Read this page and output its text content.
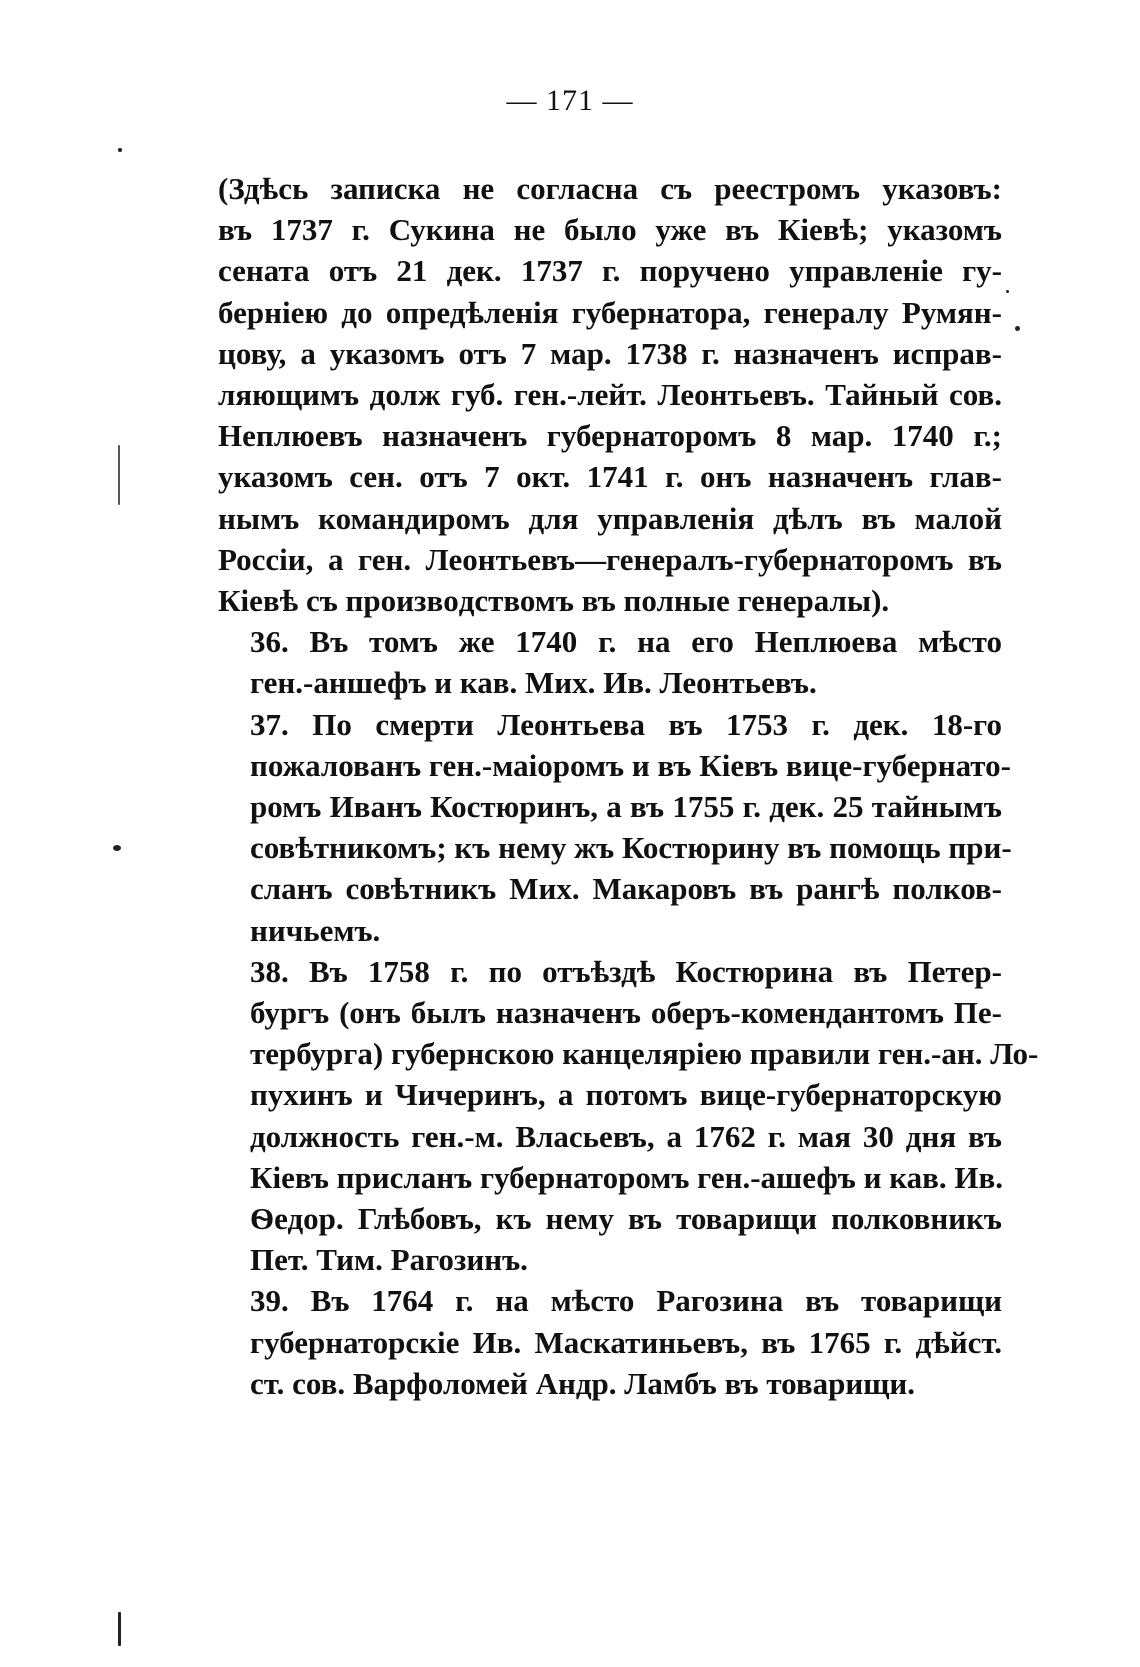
— 171 —

(Здѣсь записка не согласна съ реестромъ указовъ:
въ 1737 г. Сукина не было уже въ Кіевѣ; указомъ
сената отъ 21 дек. 1737 г. поручено управленіе гу-
берніею до опредѣленія губернатора, генералу Румян-
цову, а указомъ отъ 7 мар. 1738 г. назначенъ исправ-
ляющимъ долж губ. ген.-лейт. Леонтьевъ. Тайный сов.
Неплюевъ назначенъ губернаторомъ 8 мар. 1740 г.;
указомъ сен. отъ 7 окт. 1741 г. онъ назначенъ глав-
нымъ командиромъ для управленія дѣлъ въ малой
Россіи, а ген. Леонтьевъ—генералъ-губернаторомъ въ
Кіевѣ съ произвoдствомъ въ полные генералы).

36. Въ томъ же 1740 г. на его Неплюева мѣсто
ген.-аншефъ и кав. Мих. Ив. Леонтьевъ.

37. По смерти Леонтьева въ 1753 г. дек. 18-го
пожалованъ ген.-маіоромъ и въ Кіевъ вице-губернато-
ромъ Иванъ Костюринъ, а въ 1755 г. дек. 25 тайнымъ
совѣтникомъ; къ нему жъ Костюрину въ помощь при-
сланъ совѣтникъ Мих. Макаровъ въ рангѣ полков-
ничьемъ.

38. Въ 1758 г. по отъѣздѣ Костюрина въ Петер-
бургъ (онъ былъ назначенъ оберъ-комендантомъ Пе-
тербурга) губернскою канцеляріею правили ген.-ан. Ло-
пухинъ и Чичеринъ, а потомъ вице-губернаторскую
должность ген.-м. Власьевъ, а 1762 г. мая 30 дня въ
Кіевъ присланъ губернаторомъ ген.-ашефъ и кав. Ив.
Ѳедор. Глѣбовъ, къ нему въ товарищи полковникъ
Пет. Тим. Рагозинъ.

39. Въ 1764 г. на мѣсто Рагозина въ товарищи
губернаторскіе Ив. Маскатиньевъ, въ 1765 г. дѣйст.
ст. сов. Варфоломей Андр. Ламбъ въ товарищи.
